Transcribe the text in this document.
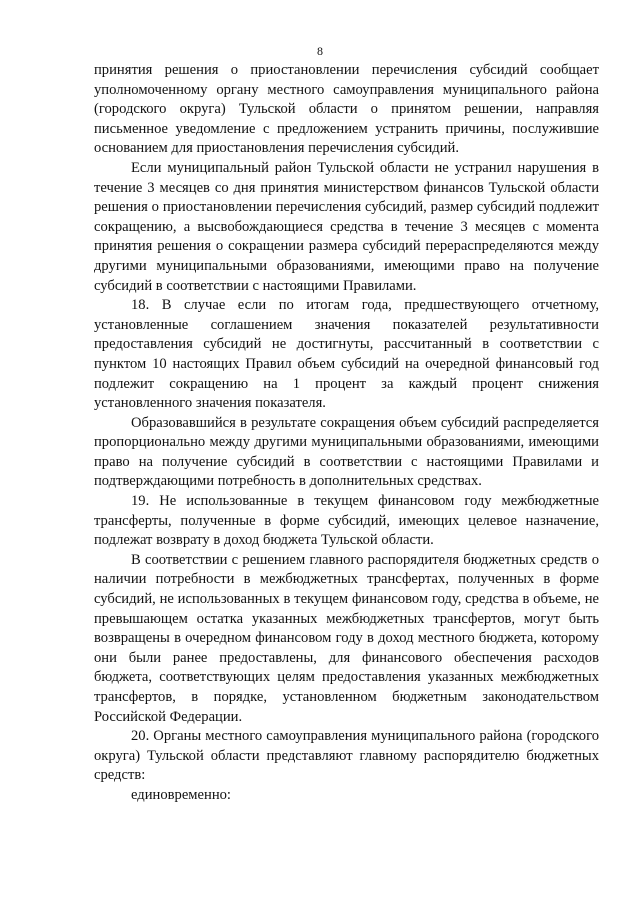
8

принятия решения о приостановлении перечисления субсидий сообщает уполномоченному органу местного самоуправления муниципального района (городского округа) Тульской области о принятом решении, направляя письменное уведомление с предложением устранить причины, послужившие основанием для приостановления перечисления субсидий.

Если муниципальный район Тульской области не устранил нарушения в течение 3 месяцев со дня принятия министерством финансов Тульской области решения о приостановлении перечисления субсидий, размер субсидий подлежит сокращению, а высвобождающиеся средства в течение 3 месяцев с момента принятия решения о сокращении размера субсидий перераспределяются между другими муниципальными образованиями, имеющими право на получение субсидий в соответствии с настоящими Правилами.

18. В случае если по итогам года, предшествующего отчетному, установленные соглашением значения показателей результативности предоставления субсидий не достигнуты, рассчитанный в соответствии с пунктом 10 настоящих Правил объем субсидий на очередной финансовый год подлежит сокращению на 1 процент за каждый процент снижения установленного значения показателя.

Образовавшийся в результате сокращения объем субсидий распределяется пропорционально между другими муниципальными образованиями, имеющими право на получение субсидий в соответствии с настоящими Правилами и подтверждающими потребность в дополнительных средствах.

19. Не использованные в текущем финансовом году межбюджетные трансферты, полученные в форме субсидий, имеющих целевое назначение, подлежат возврату в доход бюджета Тульской области.

В соответствии с решением главного распорядителя бюджетных средств о наличии потребности в межбюджетных трансфертах, полученных в форме субсидий, не использованных в текущем финансовом году, средства в объеме, не превышающем остатка указанных межбюджетных трансфертов, могут быть возвращены в очередном финансовом году в доход местного бюджета, которому они были ранее предоставлены, для финансового обеспечения расходов бюджета, соответствующих целям предоставления указанных межбюджетных трансфертов, в порядке, установленном бюджетным законодательством Российской Федерации.

20. Органы местного самоуправления муниципального района (городского округа) Тульской области представляют главному распорядителю бюджетных средств:

единовременно:
